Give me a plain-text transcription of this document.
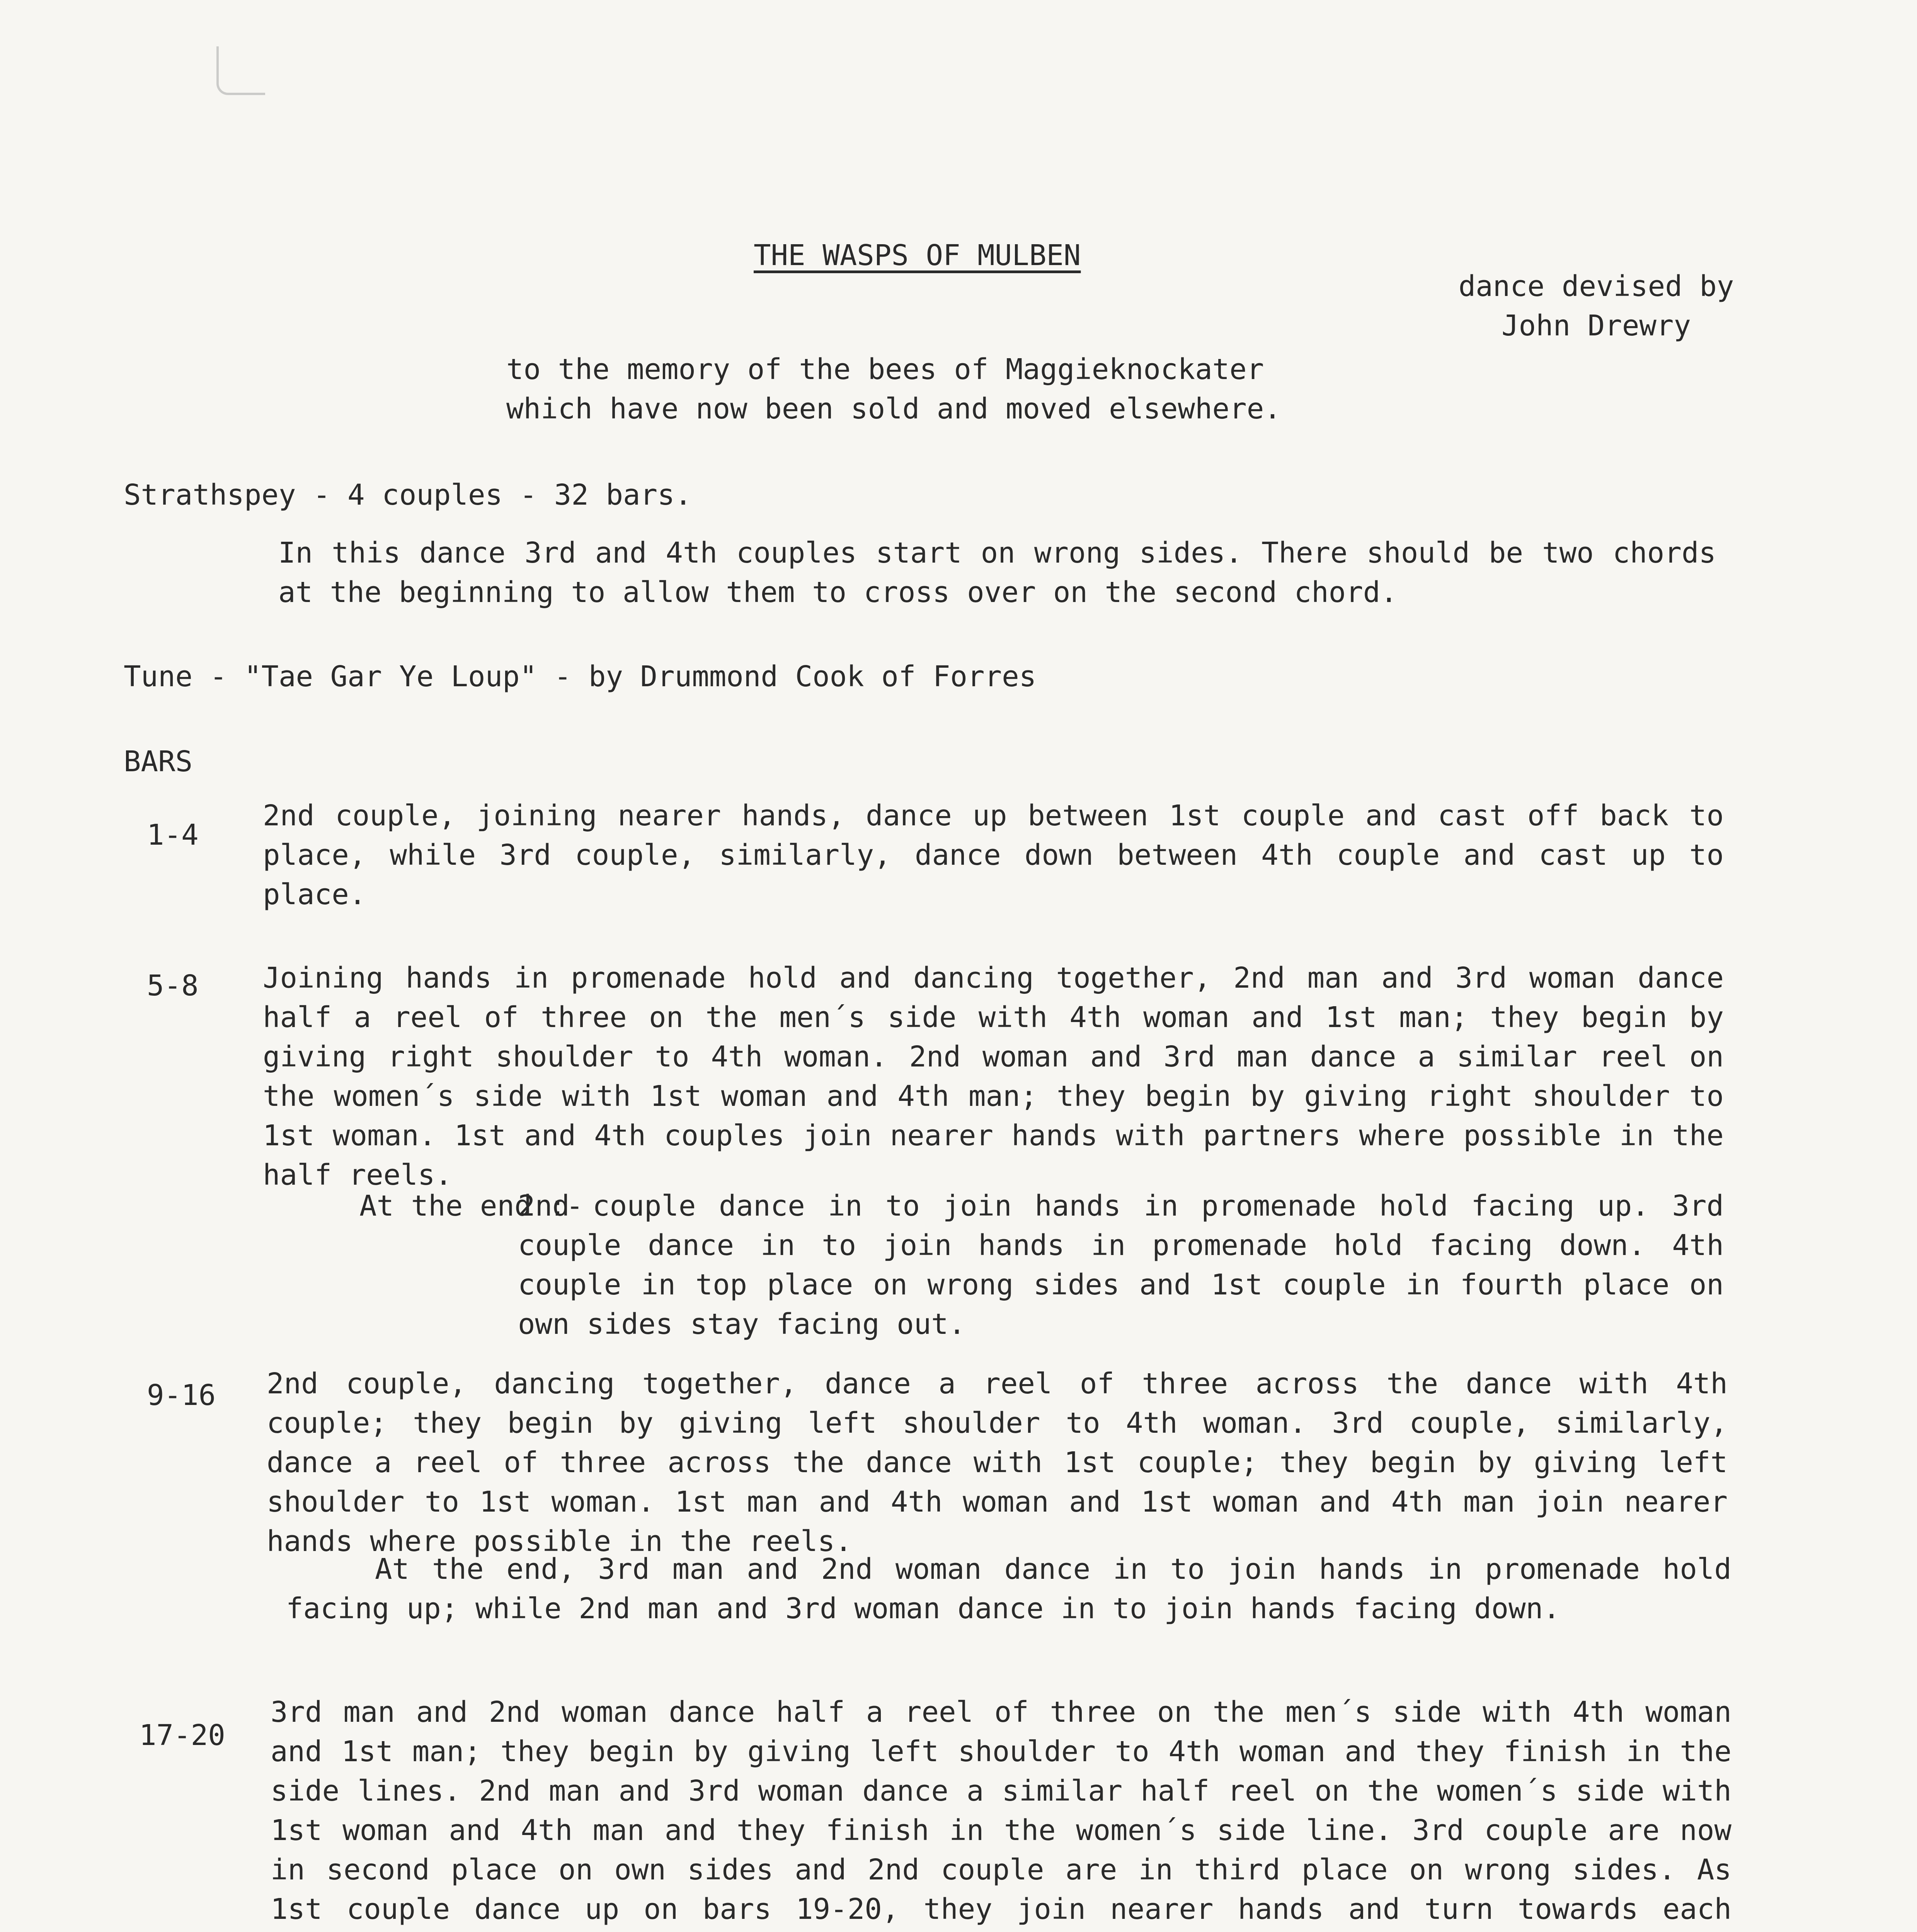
THE WASPS OF MULBEN
dance devised by
John Drewry
to the memory of the bees of Maggieknockater
which have now been sold and moved elsewhere.
Strathspey - 4 couples - 32 bars.
In this dance 3rd and 4th couples start on wrong sides. There should be two chords at the beginning to allow them to cross over on the second chord.
Tune - "Tae Gar Ye Loup" - by Drummond Cook of Forres
BARS
1-4
2nd couple, joining nearer hands, dance up between 1st couple and cast off back to place, while 3rd couple, similarly, dance down between 4th couple and cast up to place.
5-8 Joining hands in promenade hold and dancing together, 2nd man and 3rd woman dance half a reel of three on the men´s side with 4th woman and 1st man; they begin by giving right shoulder to 4th woman. 2nd woman and 3rd man dance a similar reel on the women´s side with 1st woman and 4th man; they begin by giving right shoulder to 1st woman. 1st and 4th couples join nearer hands with partners where possible in the half reels.
At the end :-
2nd couple dance in to join hands in promenade hold facing up. 3rd couple dance in to join hands in promenade hold facing down. 4th couple in top place on wrong sides and 1st couple in fourth place on own sides stay facing out.
9-16 2nd couple, dancing together, dance a reel of three across the dance with 4th couple; they begin by giving left shoulder to 4th woman. 3rd couple, similarly, dance a reel of three across the dance with 1st couple; they begin by giving left shoulder to 1st woman. 1st man and 4th woman and 1st woman and 4th man join nearer hands where possible in the reels.
At the end, 3rd man and 2nd woman dance in to join hands in promenade hold facing up; while 2nd man and 3rd woman dance in to join hands facing down.
17-20
3rd man and 2nd woman dance half a reel of three on the men´s side with 4th woman and 1st man; they begin by giving left shoulder to 4th woman and they finish in the side lines. 2nd man and 3rd woman dance a similar half reel on the women´s side with 1st woman and 4th man and they finish in the women´s side line. 3rd couple are now in second place on own sides and 2nd couple are in third place on wrong sides. As 1st couple dance up on bars 19-20, they join nearer hands and turn towards each
